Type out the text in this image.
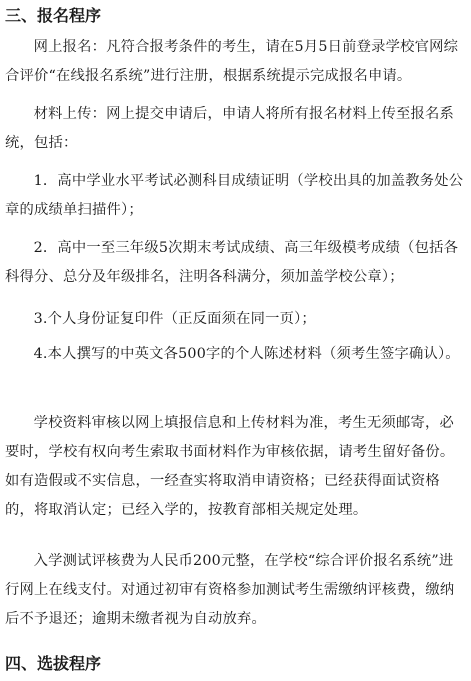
三、报名程序

网上报名：凡符合报考条件的考生，请在5月5日前登录学校官网综合评价“在线报名系统”进行注册，根据系统提示完成报名申请。

材料上传：网上提交申请后，申请人将所有报名材料上传至报名系统，包括：

1．高中学业水平考试必测科目成绩证明（学校出具的加盖教务处公章的成绩单扫描件）；

2．高中一至三年级5次期末考试成绩、高三年级模考成绩（包括各科得分、总分及年级排名，注明各科满分，须加盖学校公章）；

3.个人身份证复印件（正反面须在同一页）；

4.本人撰写的中英文各500字的个人陈述材料（须考生签字确认）。

学校资料审核以网上填报信息和上传材料为准，考生无须邮寄，必要时，学校有权向考生索取书面材料作为审核依据，请考生留好备份。如有造假或不实信息，一经查实将取消申请资格；已经获得面试资格的，将取消认定；已经入学的，按教育部相关规定处理。

入学测试评核费为人民币200元整，在学校“综合评价报名系统”进行网上在线支付。对通过初审有资格参加测试考生需缴纳评核费，缴纳后不予退还；逾期未缴者视为自动放弃。

四、选拔程序
